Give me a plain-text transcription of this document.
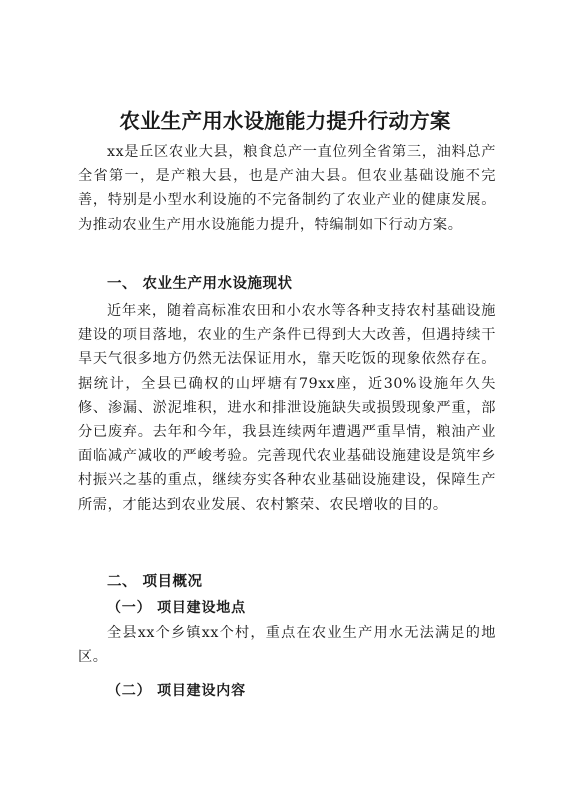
农业生产用水设施能力提升行动方案

xx是丘区农业大县，粮食总产一直位列全省第三，油料总产全省第一，是产粮大县，也是产油大县。但农业基础设施不完善，特别是小型水利设施的不完备制约了农业产业的健康发展。为推动农业生产用水设施能力提升，特编制如下行动方案。

一、 农业生产用水设施现状

近年来，随着高标准农田和小农水等各种支持农村基础设施建设的项目落地，农业的生产条件已得到大大改善，但遇持续干旱天气很多地方仍然无法保证用水，靠天吃饭的现象依然存在。据统计，全县已确权的山坪塘有79xx座，近30%设施年久失修、渗漏、淤泥堆积，进水和排泄设施缺失或损毁现象严重，部分已废弃。去年和今年，我县连续两年遭遇严重旱情，粮油产业面临减产减收的严峻考验。完善现代农业基础设施建设是筑牢乡村振兴之基的重点，继续夯实各种农业基础设施建设，保障生产所需，才能达到农业发展、农村繁荣、农民增收的目的。

二、 项目概况
（一） 项目建设地点

全县xx个乡镇xx个村，重点在农业生产用水无法满足的地区。

（二） 项目建设内容
